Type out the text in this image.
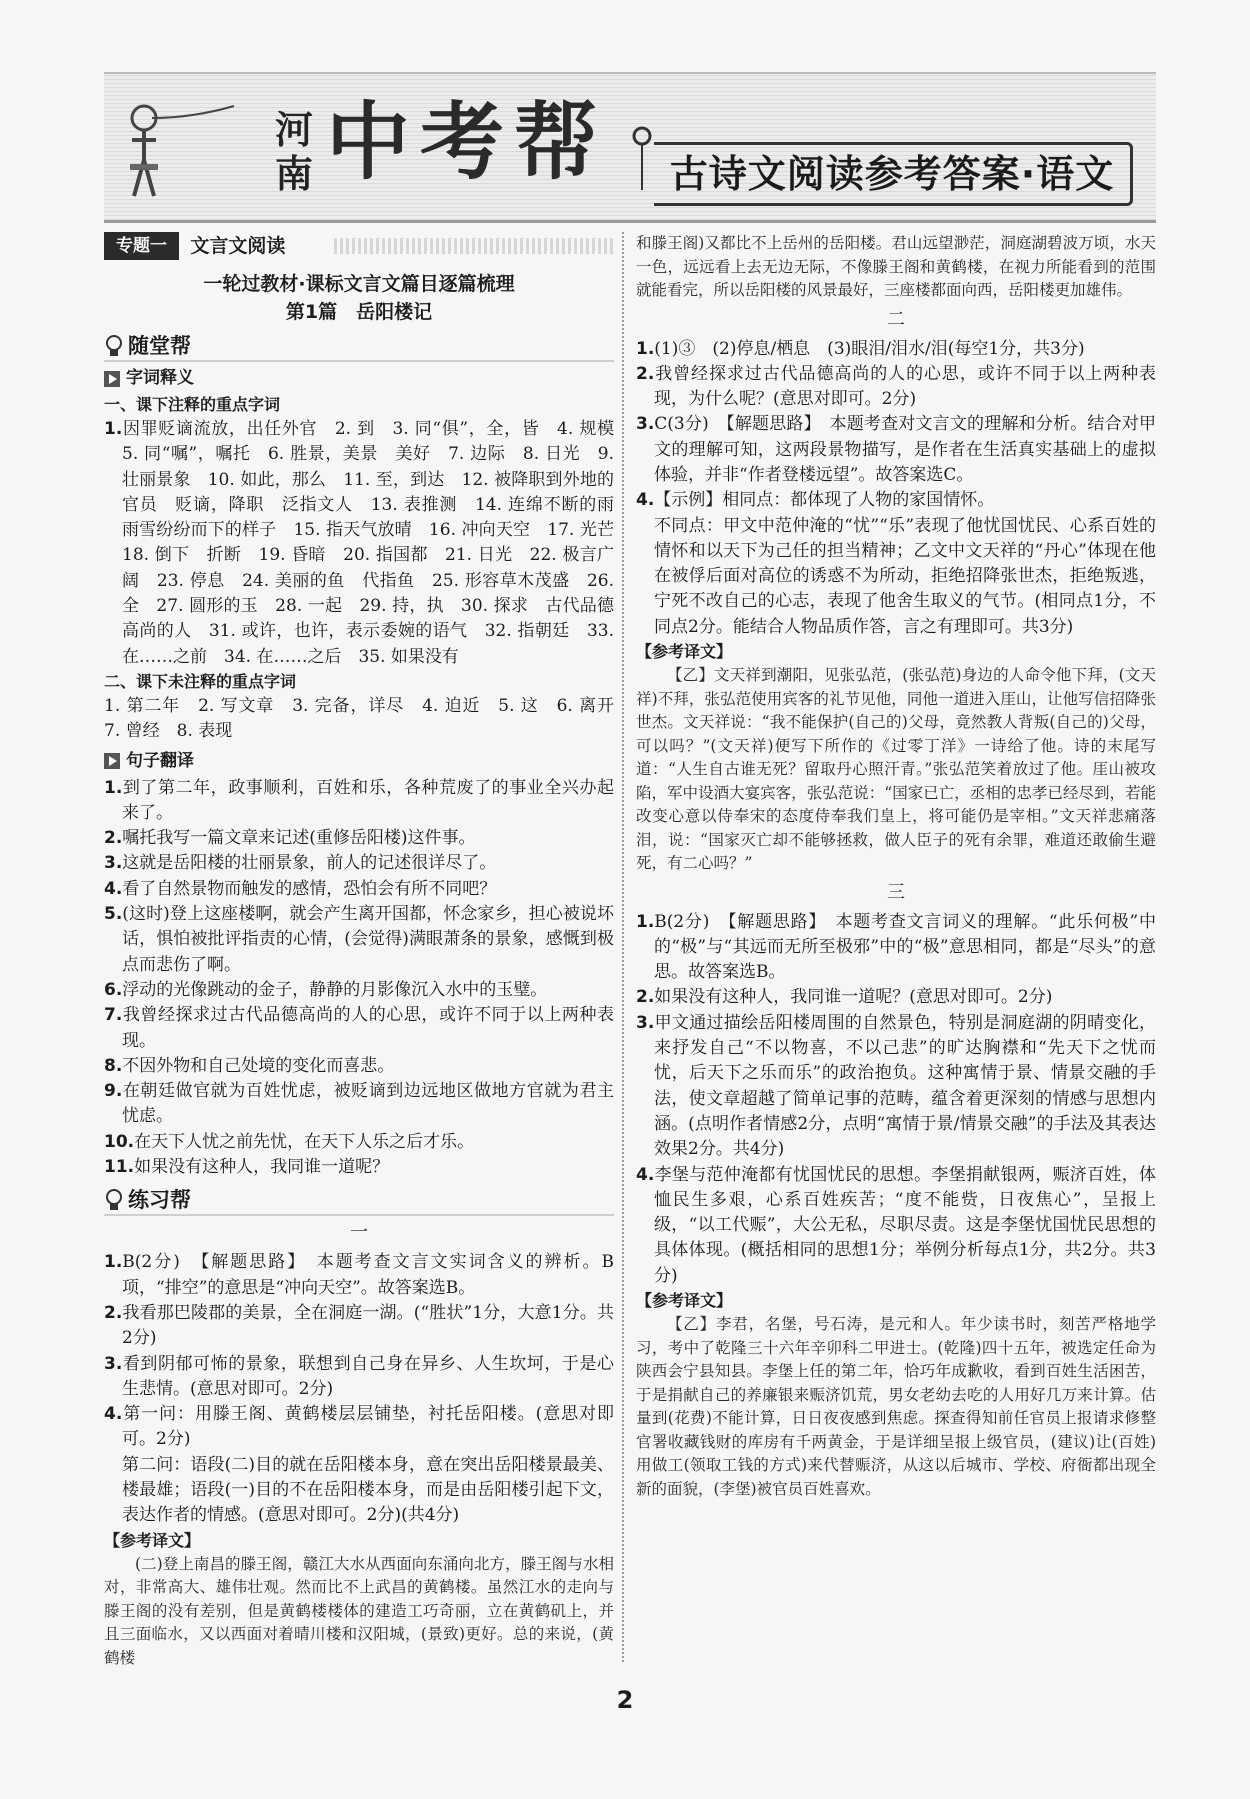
河南 中考帮	古诗文阅读参考答案·语文
专题一 文言文阅读
一轮过教材·课标文言文篇目逐篇梳理
第1篇　岳阳楼记
随堂帮
字词释义
一、课下注释的重点字词

1.因罪贬谪流放，出任外官　2. 到　3. 同“俱”，全，皆　4. 规模　5. 同“嘱”，嘱托　6. 胜景，美景　美好　7. 边际　8. 日光　9. 壮丽景象　10. 如此，那么　11. 至，到达　12. 被降职到外地的官员　贬谪，降职　泛指文人　13. 表推测　14. 连绵不断的雨　雨雪纷纷而下的样子　15. 指天气放晴　16. 冲向天空　17. 光芒　18. 倒下　折断　19. 昏暗　20. 指国都　21. 日光　22. 极言广阔　23. 停息　24. 美丽的鱼　代指鱼　25. 形容草木茂盛　26. 全　27. 圆形的玉　28. 一起　29. 持，执　30. 探求　古代品德高尚的人　31. 或许，也许，表示委婉的语气　32. 指朝廷　33. 在……之前　34. 在……之后　35. 如果没有

二、课下未注释的重点字词

1. 第二年　2. 写文章　3. 完备，详尽　4. 迫近　5. 这　6. 离开　7. 曾经　8. 表现

句子翻译

1.到了第二年，政事顺利，百姓和乐，各种荒废了的事业全兴办起来了。

2.嘱托我写一篇文章来记述(重修岳阳楼)这件事。

3.这就是岳阳楼的壮丽景象，前人的记述很详尽了。

4.看了自然景物而触发的感情，恐怕会有所不同吧？

5.(这时)登上这座楼啊，就会产生离开国都，怀念家乡，担心被说坏话，惧怕被批评指责的心情，(会觉得)满眼萧条的景象，感慨到极点而悲伤了啊。

6.浮动的光像跳动的金子，静静的月影像沉入水中的玉璧。

7.我曾经探求过古代品德高尚的人的心思，或许不同于以上两种表现。

8.不因外物和自己处境的变化而喜悲。

9.在朝廷做官就为百姓忧虑，被贬谪到边远地区做地方官就为君主忧虑。

10.在天下人忧之前先忧，在天下人乐之后才乐。

11.如果没有这种人，我同谁一道呢？

练习帮
一

1.B(2分)　【解题思路】　本题考查文言文实词含义的辨析。B项，“排空”的意思是“冲向天空”。故答案选B。

2.我看那巴陵郡的美景，全在洞庭一湖。(“胜状”1分，大意1分。共2分)

3.看到阴郁可怖的景象，联想到自己身在异乡、人生坎坷，于是心生悲情。(意思对即可。2分)

4.第一问：用滕王阁、黄鹤楼层层铺垫，衬托岳阳楼。(意思对即可。2分)

第二问：语段(二)目的就在岳阳楼本身，意在突出岳阳楼景最美、楼最雄；语段(一)目的不在岳阳楼本身，而是由岳阳楼引起下文，表达作者的情感。(意思对即可。2分)(共4分)

【参考译文】

(二)登上南昌的滕王阁，赣江大水从西面向东涌向北方，滕王阁与水相对，非常高大、雄伟壮观。然而比不上武昌的黄鹤楼。虽然江水的走向与滕王阁的没有差别，但是黄鹤楼楼体的建造工巧奇丽，立在黄鹤矶上，并且三面临水，又以西面对着晴川楼和汉阳城，(景致)更好。总的来说，(黄鹤楼

和滕王阁)又都比不上岳州的岳阳楼。君山远望渺茫，洞庭湖碧波万顷，水天一色，远远看上去无边无际，不像滕王阁和黄鹤楼，在视力所能看到的范围就能看完，所以岳阳楼的风景最好，三座楼都面向西，岳阳楼更加雄伟。

二

1.(1)③　(2)停息/栖息　(3)眼泪/泪水/泪(每空1分，共3分)

2.我曾经探求过古代品德高尚的人的心思，或许不同于以上两种表现，为什么呢？(意思对即可。2分)

3.C(3分)　【解题思路】　本题考查对文言文的理解和分析。结合对甲文的理解可知，这两段景物描写，是作者在生活真实基础上的虚拟体验，并非“作者登楼远望”。故答案选C。

4.【示例】相同点：都体现了人物的家国情怀。

不同点：甲文中范仲淹的“忧”“乐”表现了他忧国忧民、心系百姓的情怀和以天下为己任的担当精神；乙文中文天祥的“丹心”体现在他在被俘后面对高位的诱惑不为所动，拒绝招降张世杰，拒绝叛逃，宁死不改自己的心志，表现了他舍生取义的气节。(相同点1分，不同点2分。能结合人物品质作答，言之有理即可。共3分)

【参考译文】

【乙】文天祥到潮阳，见张弘范，(张弘范)身边的人命令他下拜，(文天祥)不拜，张弘范使用宾客的礼节见他，同他一道进入厓山，让他写信招降张世杰。文天祥说：“我不能保护(自己的)父母，竟然教人背叛(自己的)父母，可以吗？”(文天祥)便写下所作的《过零丁洋》一诗给了他。诗的末尾写道：“人生自古谁无死？留取丹心照汗青。”张弘范笑着放过了他。厓山被攻陷，军中设酒大宴宾客，张弘范说：“国家已亡，丞相的忠孝已经尽到，若能改变心意以侍奉宋的态度侍奉我们皇上，将可能仍是宰相。”文天祥悲痛落泪，说：“国家灭亡却不能够拯救，做人臣子的死有余罪，难道还敢偷生避死，有二心吗？”

三

1.B(2分)　【解题思路】　本题考查文言词义的理解。“此乐何极”中的“极”与“其远而无所至极邪”中的“极”意思相同，都是“尽头”的意思。故答案选B。

2.如果没有这种人，我同谁一道呢？(意思对即可。2分)

3.甲文通过描绘岳阳楼周围的自然景色，特别是洞庭湖的阴晴变化，来抒发自己“不以物喜，不以己悲”的旷达胸襟和“先天下之忧而忧，后天下之乐而乐”的政治抱负。这种寓情于景、情景交融的手法，使文章超越了简单记事的范畴，蕴含着更深刻的情感与思想内涵。(点明作者情感2分，点明“寓情于景/情景交融”的手法及其表达效果2分。共4分)

4.李堡与范仲淹都有忧国忧民的思想。李堡捐献银两，赈济百姓，体恤民生多艰，心系百姓疾苦；“度不能赀，日夜焦心”，呈报上级，“以工代赈”，大公无私，尽职尽责。这是李堡忧国忧民思想的具体体现。(概括相同的思想1分；举例分析每点1分，共2分。共3分)

【参考译文】

【乙】李君，名堡，号石涛，是元和人。年少读书时，刻苦严格地学习，考中了乾隆三十六年辛卯科二甲进士。(乾隆)四十五年，被选定任命为陕西会宁县知县。李堡上任的第二年，恰巧年成歉收，看到百姓生活困苦，于是捐献自己的养廉银来赈济饥荒，男女老幼去吃的人用好几万来计算。估量到(花费)不能计算，日日夜夜感到焦虑。探查得知前任官员上报请求修整官署收藏钱财的库房有千两黄金，于是详细呈报上级官员，(建议)让(百姓)用做工(领取工钱的方式)来代替赈济，从这以后城市、学校、府衙都出现全新的面貌，(李堡)被官员百姓喜欢。

2
